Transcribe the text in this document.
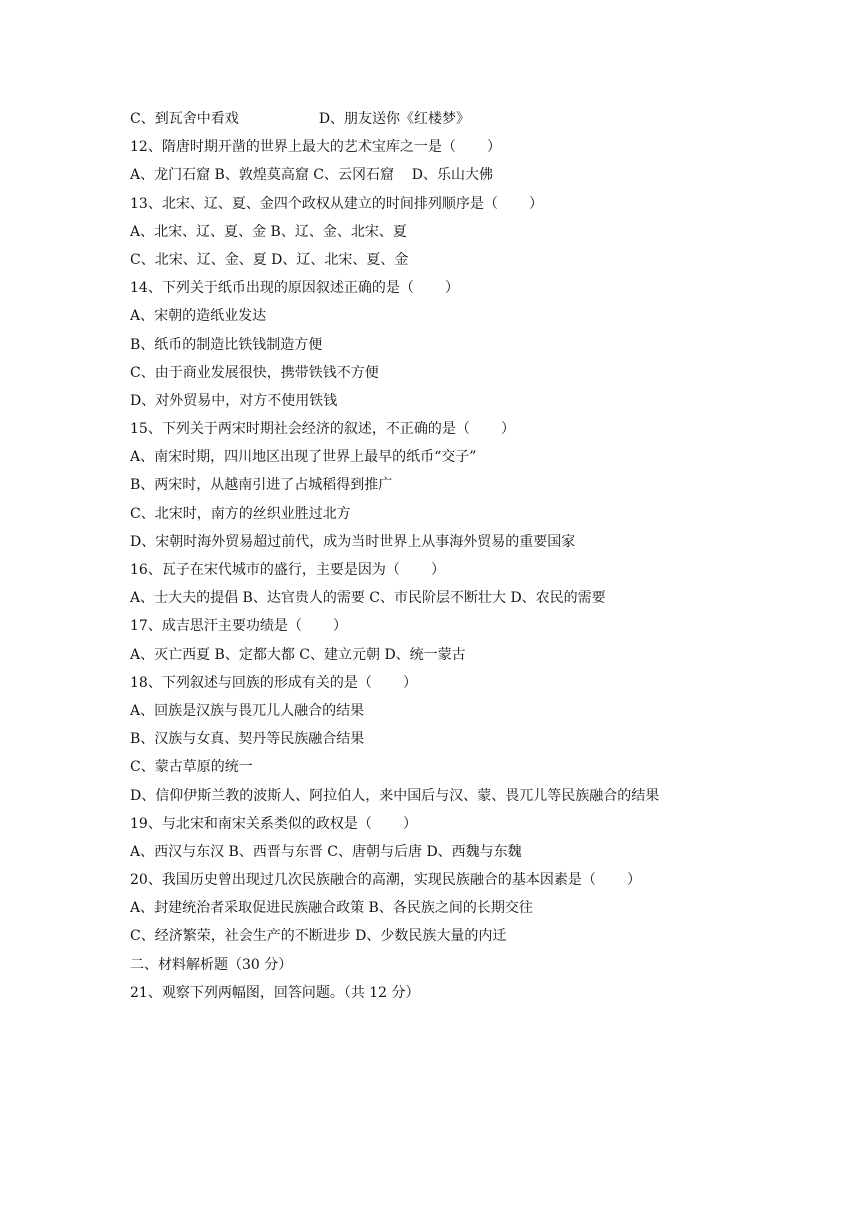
C、到瓦舍中看戏                  D、朋友送你《红楼梦》
12、隋唐时期开凿的世界上最大的艺术宝库之一是（       ）
A、龙门石窟 B、敦煌莫高窟 C、云冈石窟    D、乐山大佛
13、北宋、辽、夏、金四个政权从建立的时间排列顺序是（       ）
A、北宋、辽、夏、金 B、辽、金、北宋、夏
C、北宋、辽、金、夏 D、辽、北宋、夏、金
14、下列关于纸币出现的原因叙述正确的是（       ）
A、宋朝的造纸业发达
B、纸币的制造比铁钱制造方便
C、由于商业发展很快，携带铁钱不方便
D、对外贸易中，对方不使用铁钱
15、下列关于两宋时期社会经济的叙述，不正确的是（       ）
A、南宋时期，四川地区出现了世界上最早的纸币“交子”
B、两宋时，从越南引进了占城稻得到推广
C、北宋时，南方的丝织业胜过北方
D、宋朝时海外贸易超过前代，成为当时世界上从事海外贸易的重要国家
16、瓦子在宋代城市的盛行，主要是因为（       ）
A、士大夫的提倡 B、达官贵人的需要 C、市民阶层不断壮大 D、农民的需要
17、成吉思汗主要功绩是（       ）
A、灭亡西夏 B、定都大都 C、建立元朝 D、统一蒙古
18、下列叙述与回族的形成有关的是（       ）
A、回族是汉族与畏兀儿人融合的结果
B、汉族与女真、契丹等民族融合结果
C、蒙古草原的统一
D、信仰伊斯兰教的波斯人、阿拉伯人，来中国后与汉、蒙、畏兀儿等民族融合的结果
19、与北宋和南宋关系类似的政权是（       ）
A、西汉与东汉 B、西晋与东晋 C、唐朝与后唐 D、西魏与东魏
20、我国历史曾出现过几次民族融合的高潮，实现民族融合的基本因素是（       ）
A、封建统治者采取促进民族融合政策 B、各民族之间的长期交往
C、经济繁荣，社会生产的不断进步 D、少数民族大量的内迁
二、材料解析题（30 分）
21、观察下列两幅图，回答问题。（共 12 分）
